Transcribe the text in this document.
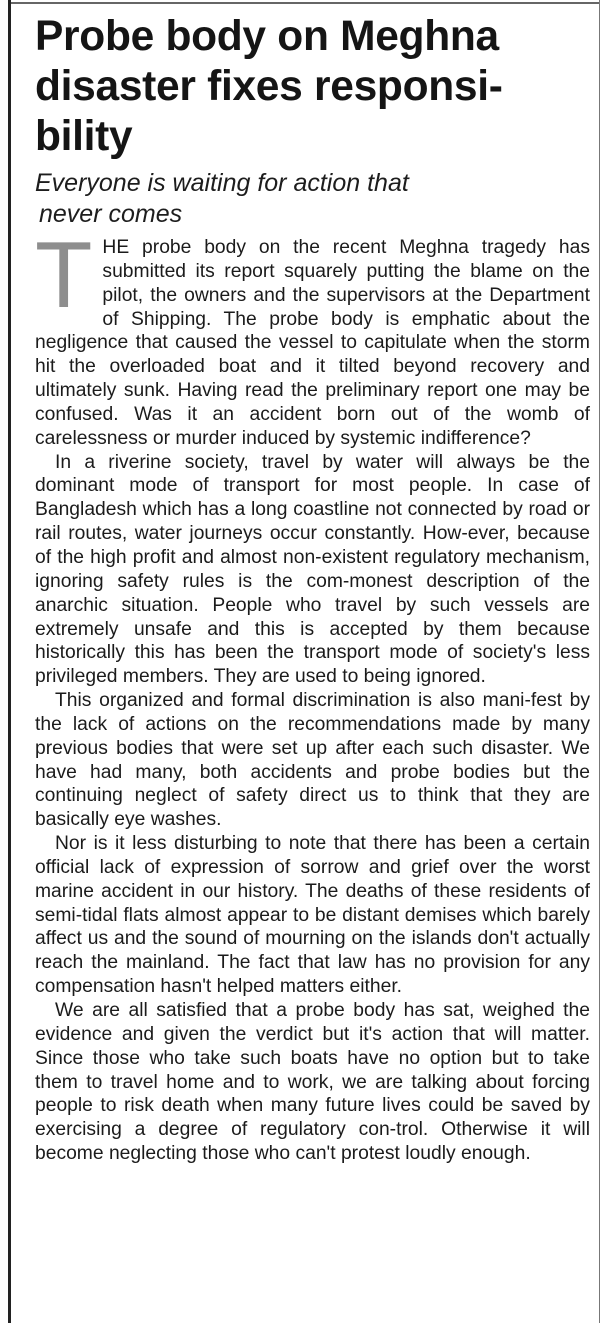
Probe body on Meghna disaster fixes responsi-bility
Everyone is waiting for action that
never comes

THE probe body on the recent Meghna tragedy has submitted its report squarely putting the blame on the pilot, the owners and the supervisors at the Department of Shipping. The probe body is emphatic about the negligence that caused the vessel to capitulate when the storm hit the overloaded boat and it tilted beyond recovery and ultimately sunk. Having read the preliminary report one may be confused. Was it an accident born out of the womb of carelessness or murder induced by systemic indifference?

In a riverine society, travel by water will always be the dominant mode of transport for most people. In case of Bangladesh which has a long coastline not connected by road or rail routes, water journeys occur constantly. How-ever, because of the high profit and almost non-existent regulatory mechanism, ignoring safety rules is the com-monest description of the anarchic situation. People who travel by such vessels are extremely unsafe and this is accepted by them because historically this has been the transport mode of society's less privileged members. They are used to being ignored.

This organized and formal discrimination is also mani-fest by the lack of actions on the recommendations made by many previous bodies that were set up after each such disaster. We have had many, both accidents and probe bodies but the continuing neglect of safety direct us to think that they are basically eye washes.

Nor is it less disturbing to note that there has been a certain official lack of expression of sorrow and grief over the worst marine accident in our history. The deaths of these residents of semi-tidal flats almost appear to be distant demises which barely affect us and the sound of mourning on the islands don't actually reach the mainland. The fact that law has no provision for any compensation hasn't helped matters either.

We are all satisfied that a probe body has sat, weighed the evidence and given the verdict but it's action that will matter. Since those who take such boats have no option but to take them to travel home and to work, we are talking about forcing people to risk death when many future lives could be saved by exercising a degree of regulatory con-trol. Otherwise it will become neglecting those who can't protest loudly enough.
